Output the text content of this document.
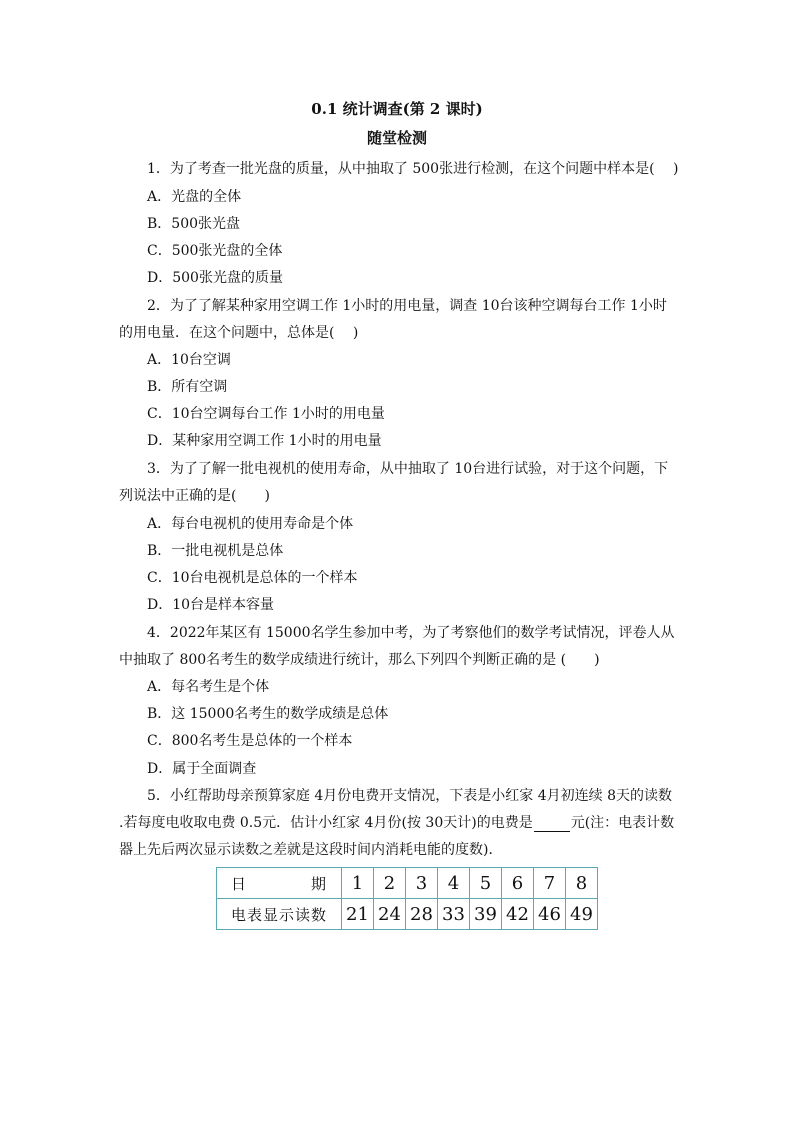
0.1 统计调查(第 2 课时)
随堂检测
1．为了考查一批光盘的质量，从中抽取了 500张进行检测，在这个问题中样本是(　 )
A．光盘的全体
B．500张光盘
C．500张光盘的全体
D．500张光盘的质量
2．为了了解某种家用空调工作 1小时的用电量，调查 10台该种空调每台工作 1小时
的用电量．在这个问题中，总体是(　 )
A．10台空调
B．所有空调
C．10台空调每台工作 1小时的用电量
D．某种家用空调工作 1小时的用电量
3．为了了解一批电视机的使用寿命，从中抽取了 10台进行试验，对于这个问题，下
列说法中正确的是(　　)
A．每台电视机的使用寿命是个体
B．一批电视机是总体
C．10台电视机是总体的一个样本
D．10台是样本容量
4．2022年某区有 15000名学生参加中考，为了考察他们的数学考试情况，评卷人从
中抽取了 800名考生的数学成绩进行统计，那么下列四个判断正确的是 (　　)
A．每名考生是个体
B．这 15000名考生的数学成绩是总体
C．800名考生是总体的一个样本
D．属于全面调查
5．小红帮助母亲预算家庭 4月份电费开支情况，下表是小红家 4月初连续 8天的读数
.若每度电收取电费 0.5元．估计小红家 4月份(按 30天计)的电费是	元(注：电表计数
器上先后两次显示读数之差就是这段时间内消耗电能的度数)．
日 期	1	2	3	4	5	6	7	8
电表显示读数	21	24	28	33	39	42	46	49
